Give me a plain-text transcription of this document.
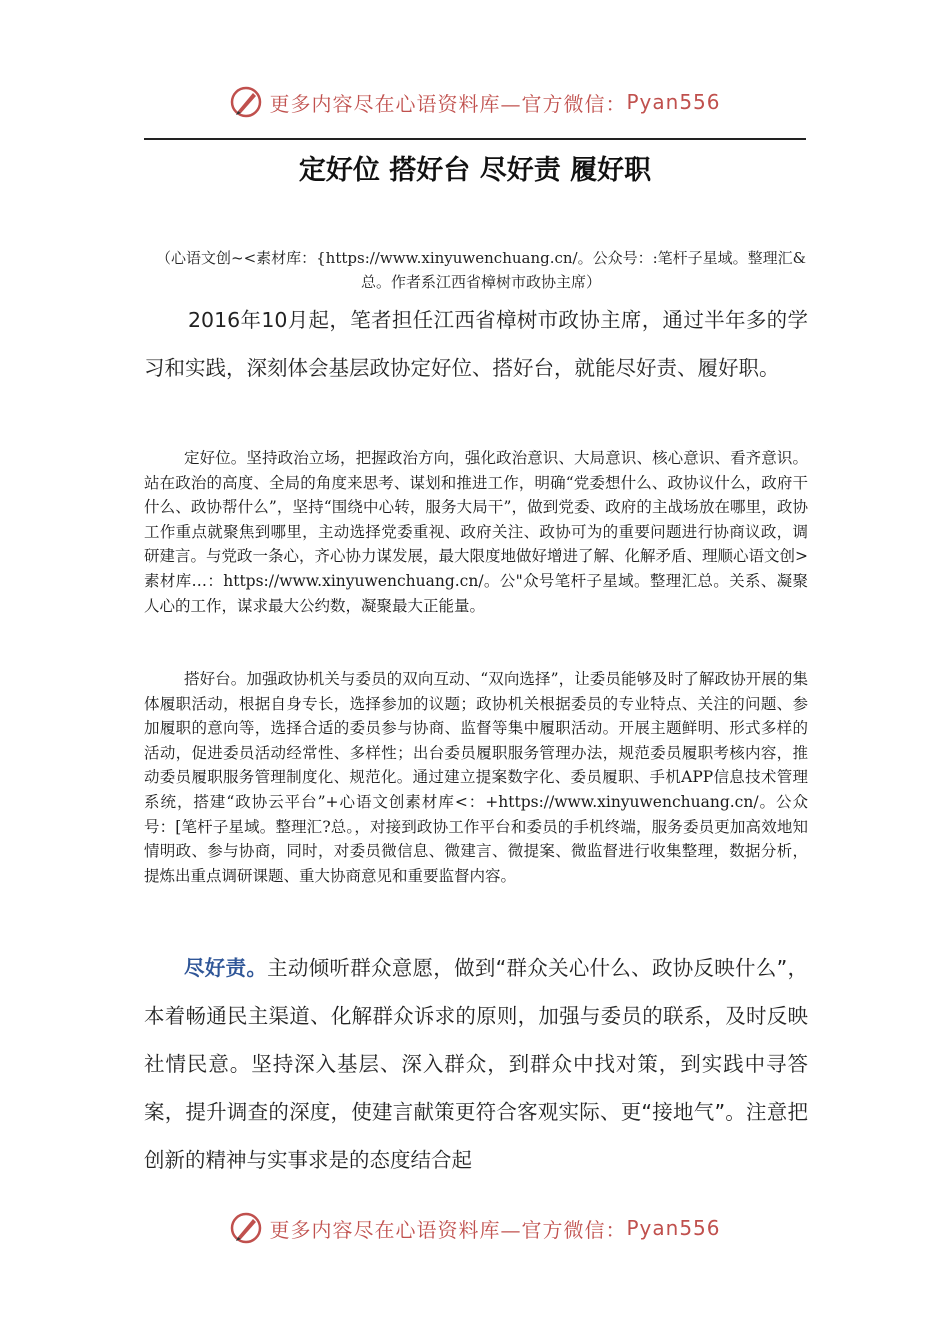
更多内容尽在心语资料库—官方微信： Pyan556
定好位 搭好台 尽好责 履好职
（心语文创~<素材库：{https://www.xinyuwenchuang.cn/。公众号：:笔杆子星域。整理汇&总。作者系江西省樟树市政协主席）
2016年10月起，笔者担任江西省樟树市政协主席，通过半年多的学习和实践，深刻体会基层政协定好位、搭好台，就能尽好责、履好职。
定好位。坚持政治立场，把握政治方向，强化政治意识、大局意识、核心意识、看齐意识。站在政治的高度、全局的角度来思考、谋划和推进工作，明确“党委想什么、政协议什么，政府干什么、政协帮什么”，坚持“围绕中心转，服务大局干”，做到党委、政府的主战场放在哪里，政协工作重点就聚焦到哪里，主动选择党委重视、政府关注、政协可为的重要问题进行协商议政，调研建言。与党政一条心，齐心协力谋发展，最大限度地做好增进了解、化解矛盾、理顺心语文创>素材库…：https://www.xinyuwenchuang.cn/。公"众号笔杆子星域。整理汇总。关系、凝聚人心的工作，谋求最大公约数，凝聚最大正能量。
搭好台。加强政协机关与委员的双向互动、“双向选择”，让委员能够及时了解政协开展的集体履职活动，根据自身专长，选择参加的议题；政协机关根据委员的专业特点、关注的问题、参加履职的意向等，选择合适的委员参与协商、监督等集中履职活动。开展主题鲜明、形式多样的活动，促进委员活动经常性、多样性；出台委员履职服务管理办法，规范委员履职考核内容，推动委员履职服务管理制度化、规范化。通过建立提案数字化、委员履职、手机APP信息技术管理系统，搭建“政协云平台”+心语文创素材库<：+https://www.xinyuwenchuang.cn/。公众号：[笔杆子星域。整理汇?总。，对接到政协工作平台和委员的手机终端，服务委员更加高效地知情明政、参与协商，同时，对委员微信息、微建言、微提案、微监督进行收集整理，数据分析，提炼出重点调研课题、重大协商意见和重要监督内容。
尽好责。主动倾听群众意愿，做到“群众关心什么、政协反映什么”，本着畅通民主渠道、化解群众诉求的原则，加强与委员的联系，及时反映社情民意。坚持深入基层、深入群众，到群众中找对策，到实践中寻答案，提升调查的深度，使建言献策更符合客观实际、更“接地气”。注意把创新的精神与实事求是的态度结合起
更多内容尽在心语资料库—官方微信： Pyan556
